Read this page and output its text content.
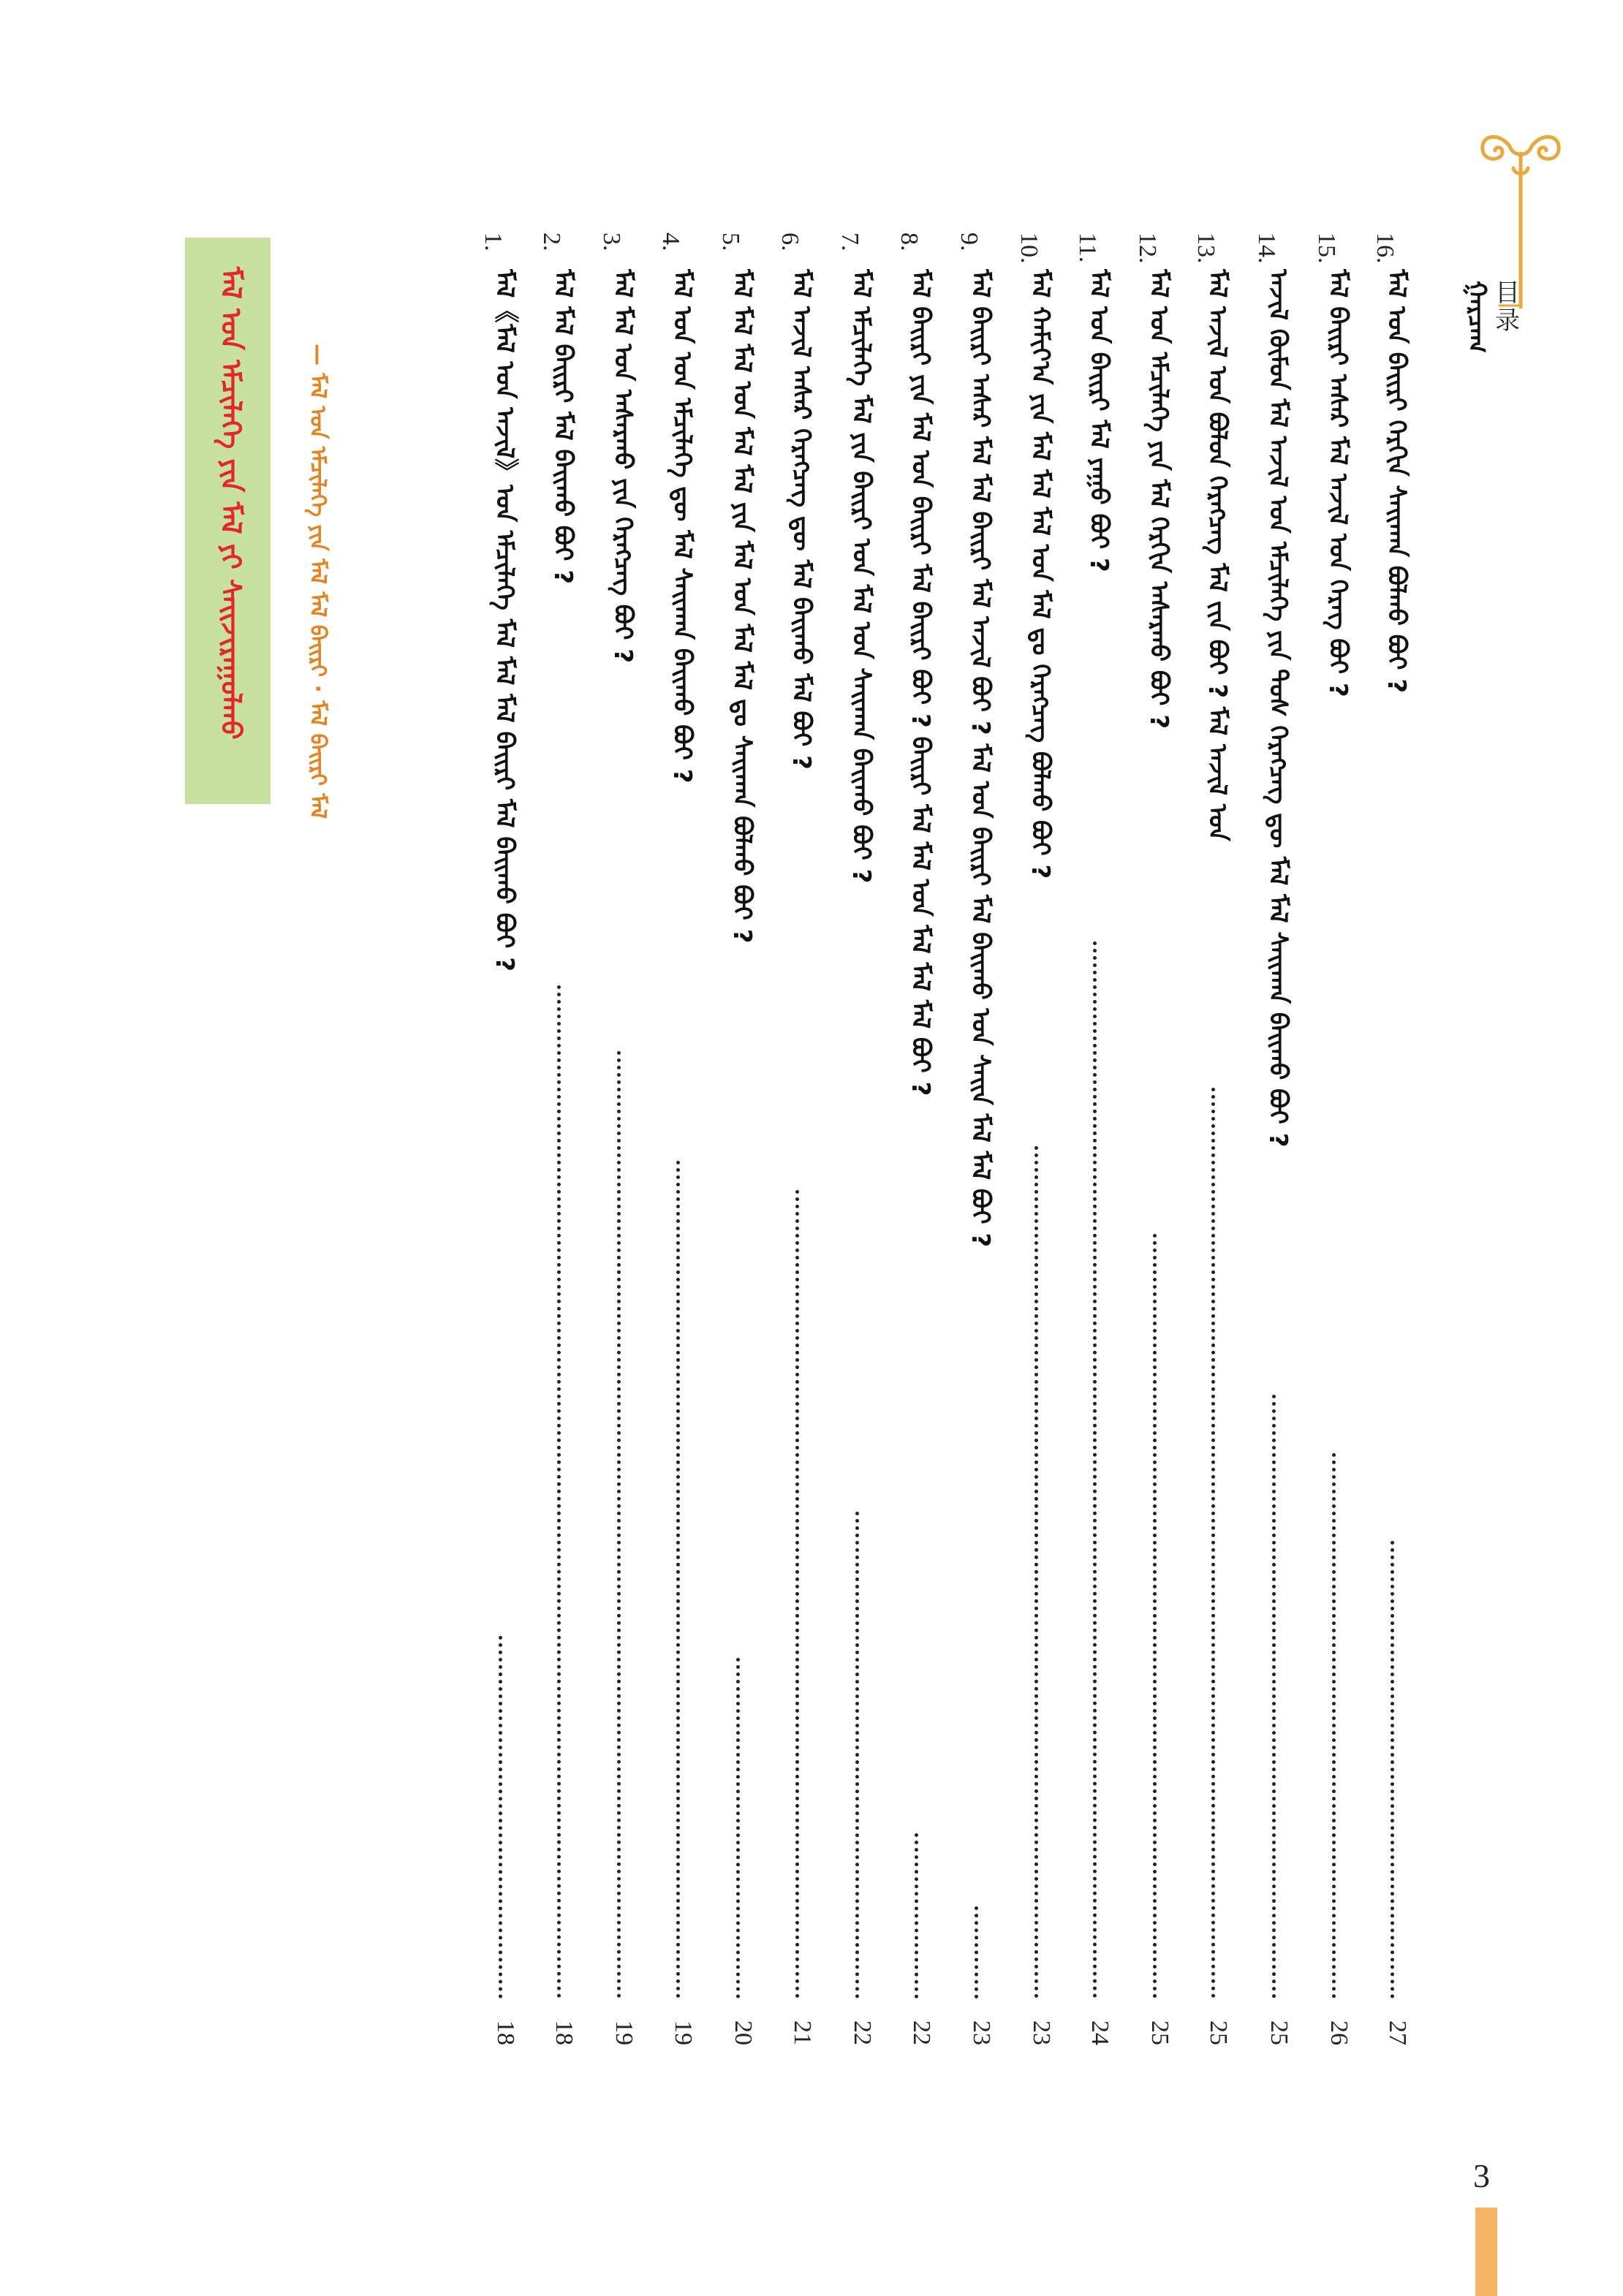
目录
ᠭᠠᠷᠴᠠᠭ
16.
ᠮᠠᠯ ᠤᠨ ᠪᠠᠢᠷᠢ ᠬᠡᠷᠬᠢᠨ ᠰᠠᠢᠬᠠᠨ ᠪᠤᠯᠬᠤ ᠪᠤᠢ ?
27
15.
ᠮᠠᠯ ᠪᠠᠢᠷᠢ ᠠᠰᠠᠷ ᠮᠠᠯ ᠠᠵᠢᠯ ᠤᠨ ᠬᠡᠷᠡᠭ ᠪᠤᠢ ?
26
14.
ᠠᠵᠢᠯ ᠬᠦᠮᠦᠨ ᠮᠠᠯ ᠠᠵᠢᠯ ᠤᠨ ᠡᠮᠴᠢᠯᠡᠭᠡ ᠶᠢᠨ ᠲᠤᠰ ᠬᠡᠷᠡᠭᠴᠡᠭ ᠳᠦ ᠮᠠᠯ ᠮᠠᠯ ᠰᠠᠢᠬᠠᠨ ᠪᠠᠢᠬᠤ ᠪᠤᠢ ?
25
13.
ᠮᠠᠯ ᠠᠵᠢᠯ ᠤᠨ ᠪᠣᠯᠤᠨ ᠬᠡᠷᠡᠭᠴᠡᠭ ᠮᠠᠯ ᠵᠢᠨ ᠪᠤᠢ ? ᠮᠠᠯ ᠠᠵᠢᠯ ᠤᠨ
25
12.
ᠮᠠᠯ ᠤᠨ ᠡᠮᠴᠢᠯᠡᠭᠡ ᠶᠢᠨ ᠮᠠᠯ ᠬᠡᠷᠬᠢᠨ ᠠᠰᠠᠷᠬᠤ ᠪᠤᠢ ?
25
11.
ᠮᠠᠯ ᠤᠨ ᠪᠠᠢᠷᠢ ᠮᠠᠯ ᠶᠠᠭᠤ ᠪᠤᠢ ?
24
10.
ᠮᠠᠯ ᠬᠠᠮᠢᠶ᠎ᠠ ᠶᠢᠨ ᠮᠠᠯ ᠮᠠᠯ ᠮᠠᠯ ᠤᠨ ᠮᠠᠯ ᠳᠤ ᠬᠡᠷᠡᠭᠴᠡᠭ ᠪᠤᠯᠬᠤ ᠪᠤᠢ ?
23
9.
ᠮᠠᠯ ᠪᠠᠢᠷᠢ ᠠᠰᠠᠷ ᠮᠠᠯ ᠮᠠᠯ ᠪᠠᠢᠷᠢ ᠮᠠᠯ ᠠᠵᠢᠯ ᠪᠤᠢ ? ᠮᠠᠯ ᠤᠨ ᠪᠠᠢᠷᠢ ᠮᠠᠯ ᠪᠠᠢᠬᠤ ᠤᠨ ᠰᠠᠢᠨ ᠮᠠᠯ ᠮᠠᠯ ᠪᠤᠢ ?
23
8.
ᠮᠠᠯ ᠪᠠᠢᠷᠢ ᠶᠢᠨ ᠮᠠᠯ ᠤᠨ ᠪᠠᠢᠷᠢ ᠮᠠᠯ ᠪᠠᠢᠷᠢ ᠪᠤᠢ ? ᠪᠠᠢᠷᠢ ᠮᠠᠯ ᠮᠠᠯ ᠤᠨ ᠮᠠᠯ ᠮᠠᠯ ᠮᠠᠯ ᠪᠤᠢ ?
22
7.
ᠮᠠᠯ ᠡᠮᠴᠢᠯᠡᠭᠡ ᠮᠠᠯ ᠶᠢᠨ ᠪᠠᠢᠷᠢ ᠤᠨ ᠮᠠᠯ ᠤᠨ ᠰᠠᠢᠬᠠᠨ ᠪᠠᠢᠬᠤ ᠪᠤᠢ ?
22
6.
ᠮᠠᠯ ᠠᠵᠢᠯ ᠠᠰᠠᠷ ᠬᠡᠷᠡᠭᠴᠡᠭ ᠳᠦ ᠮᠠᠯ ᠪᠠᠢᠬᠤ ᠮᠠᠯ ᠪᠤᠢ ?
21
5.
ᠮᠠᠯ ᠮᠠᠯ ᠮᠠᠯ ᠤᠨ ᠮᠠᠯ ᠮᠠᠯ ᠶᠢᠨ ᠮᠠᠯ ᠤᠨ ᠮᠠᠯ ᠮᠠᠯ ᠳᠤ ᠰᠠᠢᠬᠠᠨ ᠪᠤᠯᠬᠤ ᠪᠤᠢ ?
20
4.
ᠮᠠᠯ ᠤᠨ ᠤᠨ ᠡᠮᠴᠢᠯᠡᠭᠡ ᠳᠦ ᠮᠠᠯ ᠰᠠᠢᠬᠠᠨ ᠪᠠᠢᠬᠤ ᠪᠤᠢ ?
19
3.
ᠮᠠᠯ ᠮᠠᠯ ᠤᠨ ᠠᠰᠠᠷᠬᠤ ᠶᠢᠨ ᠬᠡᠷᠡᠭᠴᠡᠭ ᠪᠤᠢ ?
19
2.
ᠮᠠᠯ ᠮᠠᠯ ᠪᠠᠢᠷᠢ ᠮᠠᠯ ᠪᠠᠢᠬᠤ ᠪᠤᠢ ?
18
1.
ᠮᠠᠯ《ᠮᠠᠯ ᠤᠨ ᠠᠵᠢᠯ》ᠤᠨ ᠡᠮᠴᠢᠯᠡᠭᠡ ᠮᠠᠯ ᠮᠠᠯ ᠮᠠᠯ ᠪᠠᠢᠷᠢ ᠮᠠᠯ ᠪᠠᠢᠬᠤ ᠪᠤᠢ ?
18
ᠮᠠᠯ ᠤᠨ ᠡᠮᠴᠢᠯᠡᠭᠡ ᠶᠢᠨ ᠮᠠᠯ ᠶᠢ ᠰᠠᠢᠵᠢᠷᠠᠭᠤᠯᠬᠤ	— ᠮᠠᠯ ᠤᠨ ᠡᠮᠴᠢᠯᠡᠭᠡ ᠶᠢᠨ ᠮᠠᠯ ᠮᠠᠯ ᠪᠠᠢᠷᠢ · ᠮᠠᠯ ᠪᠠᠢᠷᠢ ᠮᠠᠯ
3
